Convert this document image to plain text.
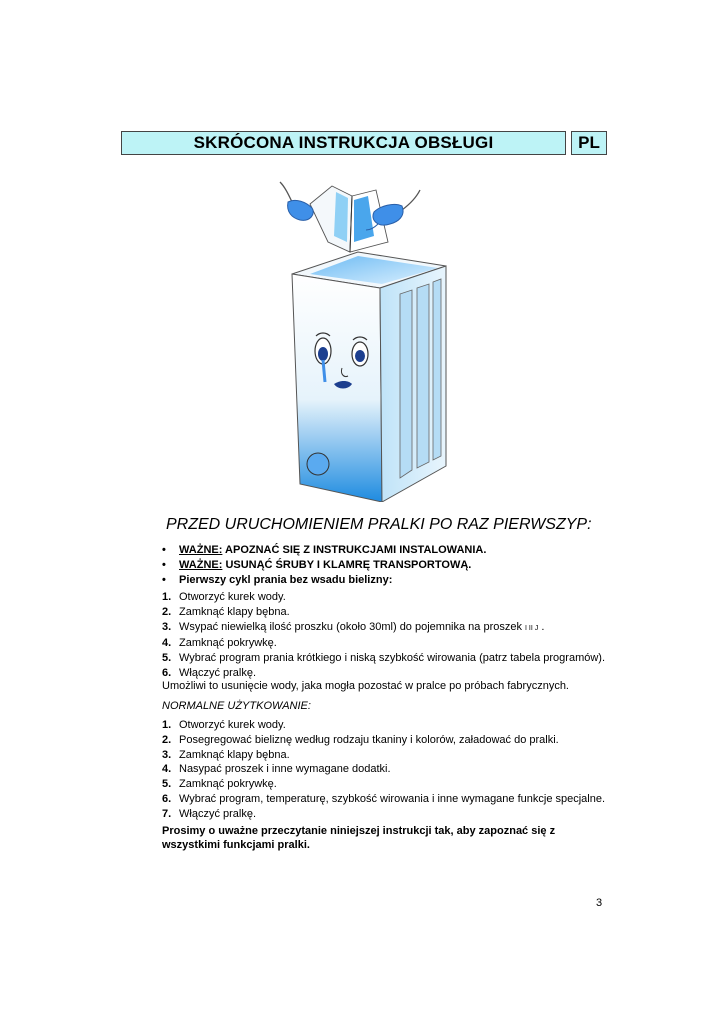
SKRÓCONA INSTRUKCJA OBSŁUGI	PL
PRZED URUCHOMIENIEM PRALKI PO RAZ PIERWSZYP:
• WAŻNE: APOZNAĆ SIĘ Z INSTRUKCJAMI INSTALOWANIA.
• WAŻNE: USUNĄĆ ŚRUBY I KLAMRĘ TRANSPORTOWĄ.
• Pierwszy cykl prania bez wsadu bielizny:
1. Otworzyć kurek wody.
2. Zamknąć klapy bębna.
3. Wsypać niewielką ilość proszku (około 30ml) do pojemnika na proszek I II J .
4. Zamknąć pokrywkę.
5. Wybrać program prania krótkiego i niską szybkość wirowania (patrz tabela programów).
6. Włączyć pralkę.
Umożliwi to usunięcie wody, jaka mogła pozostać w pralce po próbach fabrycznych.
NORMALNE UŻYTKOWANIE:
1. Otworzyć kurek wody.
2. Posegregować bieliznę według rodzaju tkaniny i kolorów, załadować do pralki.
3. Zamknąć klapy bębna.
4. Nasypać proszek i inne wymagane dodatki.
5. Zamknąć pokrywkę.
6. Wybrać program, temperaturę, szybkość wirowania i inne wymagane funkcje specjalne.
7. Włączyć pralkę.
Prosimy o uważne przeczytanie niniejszej instrukcji tak, aby zapoznać się z wszystkimi funkcjami pralki.
3
